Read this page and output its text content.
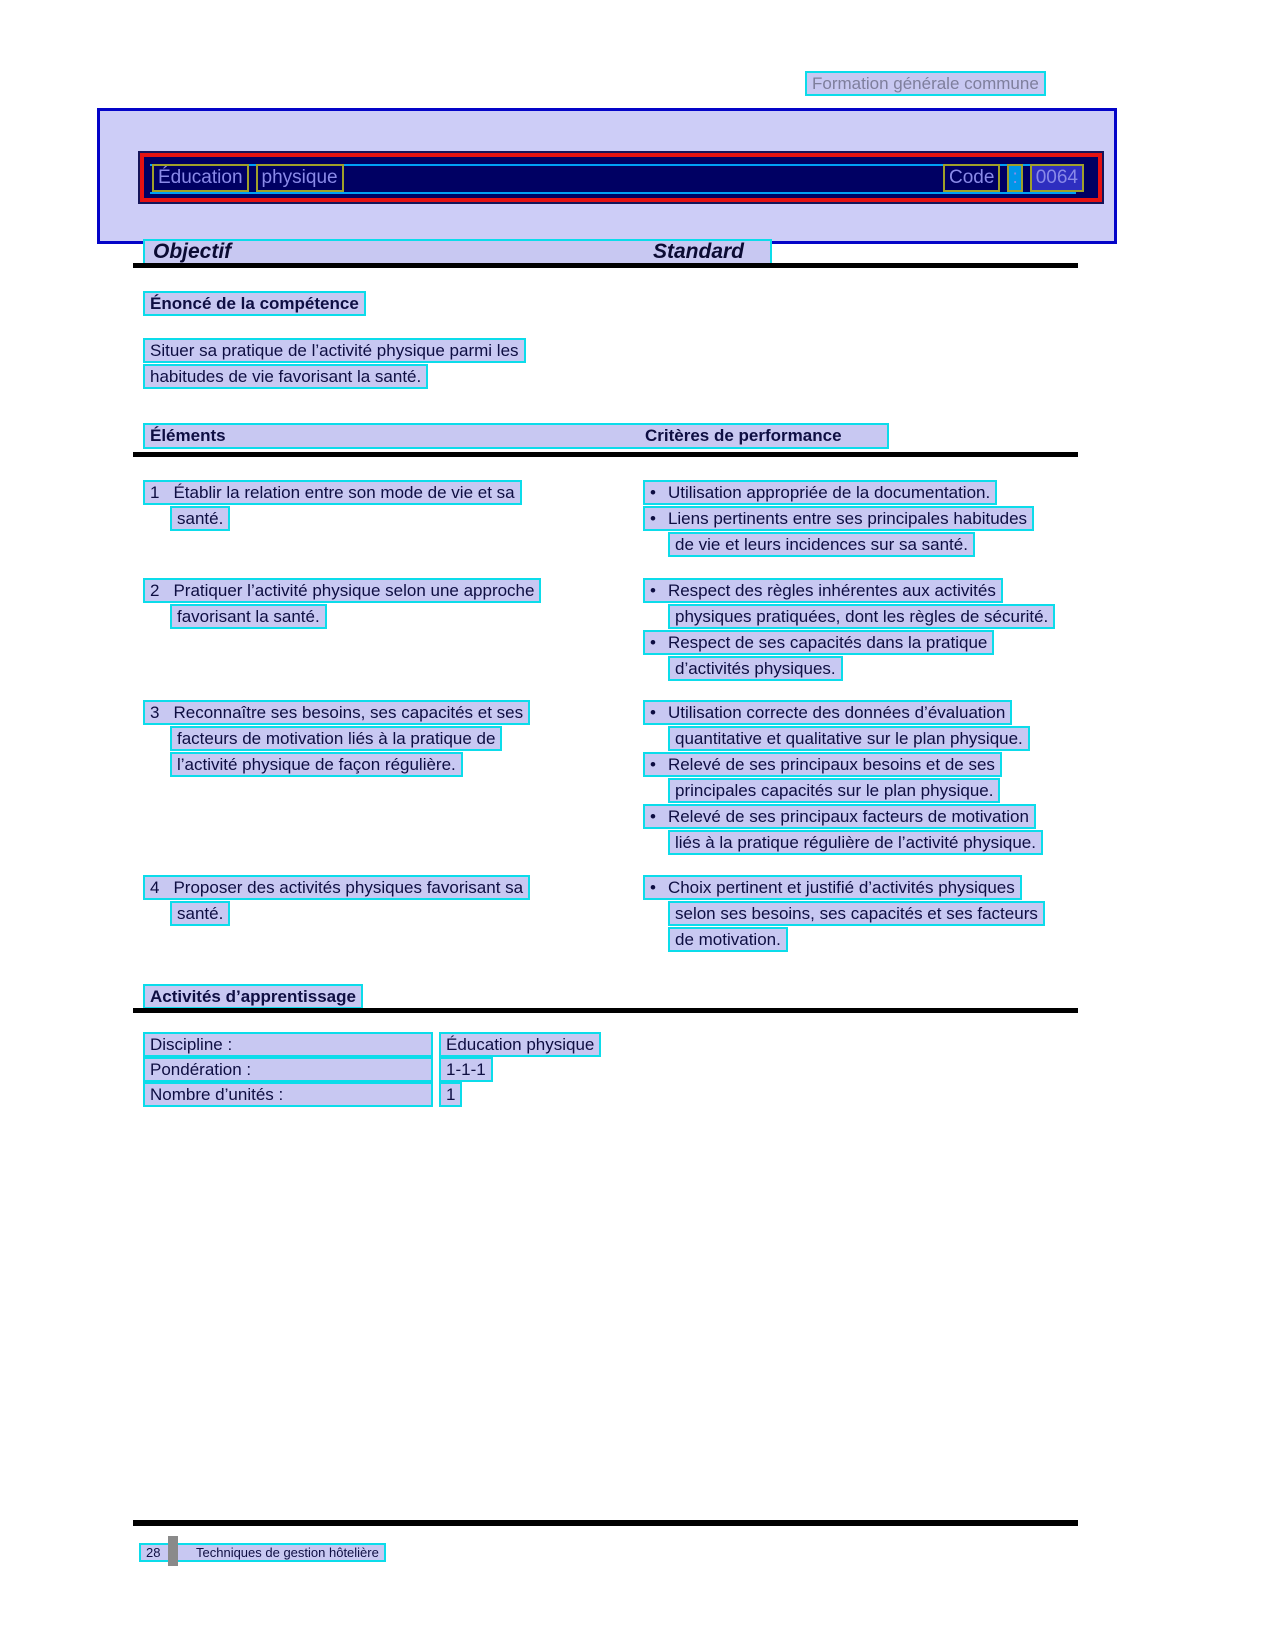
Formation générale commune
Éducation	physique	Code : 0064
Objectif	Standard
Énoncé de la compétence
Situer sa pratique de l’activité physique parmi les
habitudes de vie favorisant la santé.
Éléments	Critères de performance
1 Établir la relation entre son mode de vie et sa
santé.
• Utilisation appropriée de la documentation.
• Liens pertinents entre ses principales habitudes
de vie et leurs incidences sur sa santé.
2 Pratiquer l’activité physique selon une approche
favorisant la santé.
• Respect des règles inhérentes aux activités
physiques pratiquées, dont les règles de sécurité.
• Respect de ses capacités dans la pratique
d’activités physiques.
3 Reconnaître ses besoins, ses capacités et ses
facteurs de motivation liés à la pratique de
l’activité physique de façon régulière.
• Utilisation correcte des données d’évaluation
quantitative et qualitative sur le plan physique.
• Relevé de ses principaux besoins et de ses
principales capacités sur le plan physique.
• Relevé de ses principaux facteurs de motivation
liés à la pratique régulière de l’activité physique.
4 Proposer des activités physiques favorisant sa
santé.
• Choix pertinent et justifié d’activités physiques
selon ses besoins, ses capacités et ses facteurs
de motivation.
Activités d’apprentissage
Discipline :	Éducation physique
Pondération :	1-1-1
Nombre d’unités :	1
28	Techniques de gestion hôtelière
